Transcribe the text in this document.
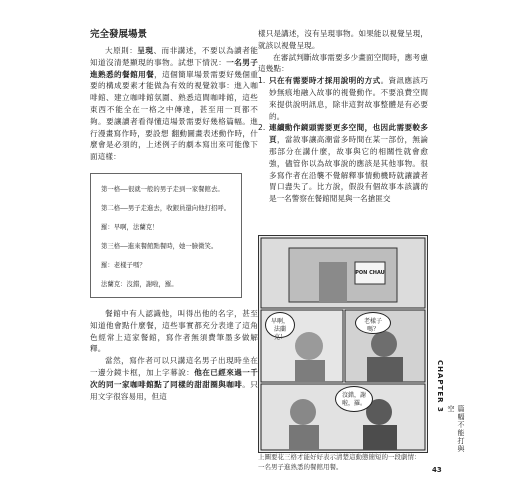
完全發展場景

大原則：呈現、而非講述，不要以為讀者能知道沒清楚顯現的事物。試想下情況：一名男子進熟悉的餐館用餐，這個簡單場景需要好幾個重要的構成要素才能做為有效的視覺敘事：進入咖啡館、建立咖啡館氛圍、熟悉這間咖啡館，這些東西不能全在一格之中傳達，甚至用一頁都不夠。要讓讀者看得懂這場景需要好幾格篇幅。進行漫畫寫作時，要設想 翻動圖畫表述動作時，什麼會是必須的，上述例子的劇本寫出來可能像下面這樣：

第一格——很就一般的男子走到一家餐館去。
第二格——男子走進去，收銀員還向他打招呼。
羅：早啊，法蘭克！
第三格——進來餐館點餐時，她一臉微笑。
羅：老樣子嗎？
法蘭克：沒錯，謝啦，羅。

餐館中有人認識他，叫得出他的名字，甚至知道他會點什麼餐，這些事實都充分表達了這角色經常上這家餐館，寫作者無須費筆墨多做解釋。

當然，寫作者可以只講這名男子出現時坐在一邊分鏡卡框，加上字幕說：他在已經來過一千次的同一家咖啡館點了同樣的甜甜圈與咖啡。只用文字很容易用，但這

樣只是講述，沒有呈現事物。如果能以視覺呈現，就該以視覺呈現。

在審試判斷故事需要多少畫面空間時，應考慮這幾點：

1. 只在有需要時才採用說明的方式。資訊應該巧妙無痕地融入故事的視覺動作。不要浪費空間來提供說明訊息，除非這對故事整體是有必要的。
2. 連續動作鏡頭需要更多空間，也因此需要較多頁，當敘事讓高潮當多時間在某一部份，無論那部分在講什麼，故事與它的相關性就會愈強，儘管你以為故事說的應該是其他事物。很多寫作者在沿襲不覺解釋事情動機時就讓讀者胃口盡失了。比方說，假設有個故事本該講的是一名警察在餐館閒晃與一名搶匪交
PON CHAU
早啊，法蘭克！
老樣子嗎？
沒錯，謝啦，羅。
上圖要花三格才能好好表示清楚這動態簡短的一段劇情：一名男子進熟悉的餐館用餐。
CHAPTER 3
篇幅不能打與空
43
